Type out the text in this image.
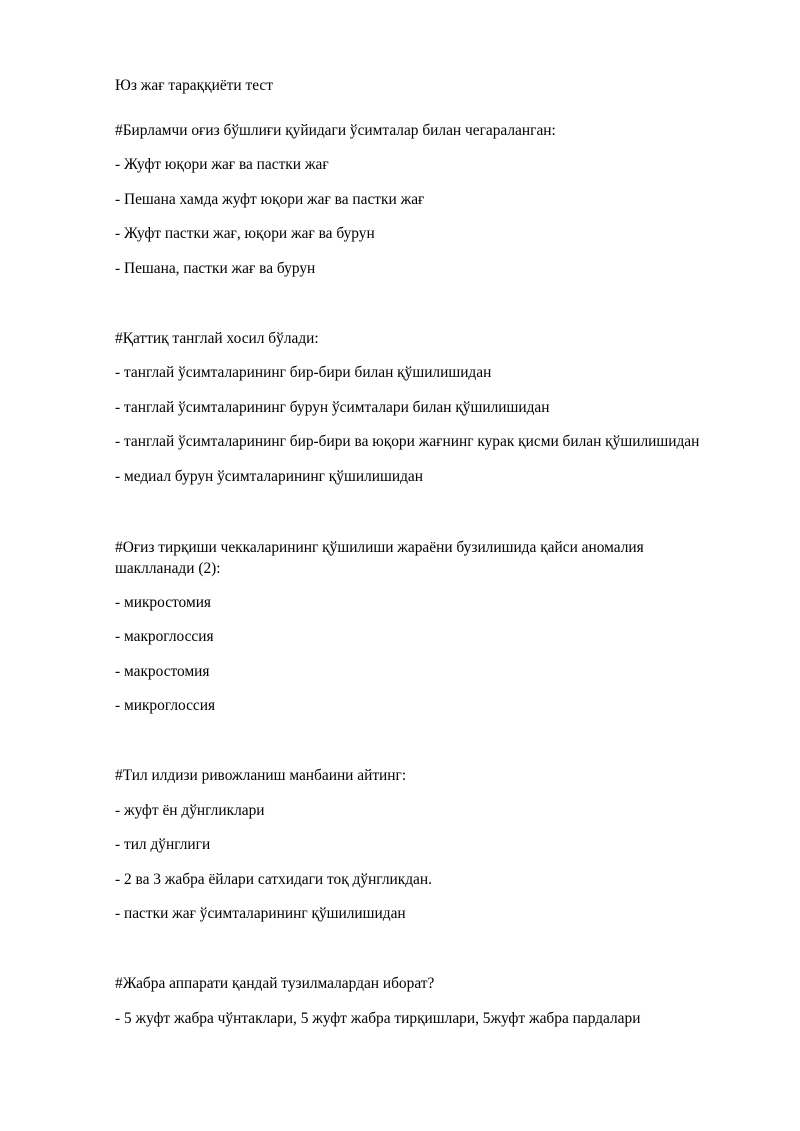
Юз жағ тараққиёти тест

#Бирламчи оғиз бўшлиғи қуйидаги ўсимталар билан чегараланган:

- Жуфт юқори жағ ва пастки жағ

- Пешана хамда жуфт юқори жағ ва пастки жағ

- Жуфт пастки жағ, юқори жағ ва бурун

- Пешана, пастки жағ ва бурун

#Қаттиқ танглай хосил бўлади:

- танглай ўсимталарининг бир-бири билан қўшилишидан

- танглай ўсимталарининг бурун ўсимталари билан қўшилишидан

- танглай ўсимталарининг бир-бири ва юқори жағнинг курак қисми билан қўшилишидан

- медиал бурун ўсимталарининг қўшилишидан

#Оғиз тирқиши чеккаларининг қўшилиши жараёни бузилишида қайси аномалия шаклланади (2):

- микростомия

- макроглоссия

- макростомия

- микроглоссия

#Тил илдизи ривожланиш манбаини айтинг:

- жуфт ён дўнгликлари

- тил дўнглиги

- 2 ва 3 жабра ёйлари сатхидаги тоқ дўнгликдан.

- пастки жағ ўсимталарининг қўшилишидан

#Жабра аппарати қандай тузилмалардан иборат?

- 5 жуфт жабра чўнтаклари, 5 жуфт жабра тирқишлари, 5жуфт жабра пардалари
